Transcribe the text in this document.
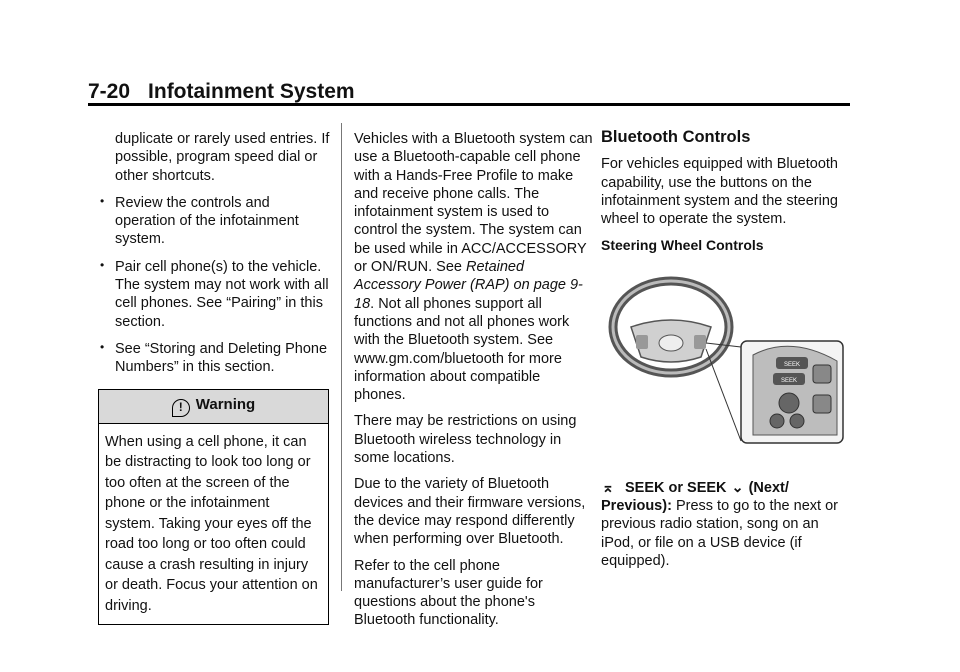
7-20 Infotainment System

duplicate or rarely used entries. If possible, program speed dial or other shortcuts.

• Review the controls and operation of the infotainment system.
• Pair cell phone(s) to the vehicle. The system may not work with all cell phones. See “Pairing” in this section.
• See “Storing and Deleting Phone Numbers” in this section.
! Warning
When using a cell phone, it can be distracting to look too long or too often at the screen of the phone or the infotainment system. Taking your eyes off the road too long or too often could cause a crash resulting in injury or death. Focus your attention on driving.

Vehicles with a Bluetooth system can use a Bluetooth-capable cell phone with a Hands-Free Profile to make and receive phone calls. The infotainment system is used to control the system. The system can be used while in ACC/ACCESSORY or ON/RUN. See Retained Accessory Power (RAP) on page 9-18. Not all phones support all functions and not all phones work with the Bluetooth system. See www.gm.com/bluetooth for more information about compatible phones.

There may be restrictions on using Bluetooth wireless technology in some locations.

Due to the variety of Bluetooth devices and their firmware versions, the device may respond differently when performing over Bluetooth.

Refer to the cell phone manufacturer’s user guide for questions about the phone's Bluetooth functionality.

Bluetooth Controls

For vehicles equipped with Bluetooth capability, use the buttons on the infotainment system and the steering wheel to operate the system.

Steering Wheel Controls
SEEK
SEEK

⌅ SEEK or SEEK ⌄ (Next/ Previous): Press to go to the next or previous radio station, song on an iPod, or file on a USB device (if equipped).
